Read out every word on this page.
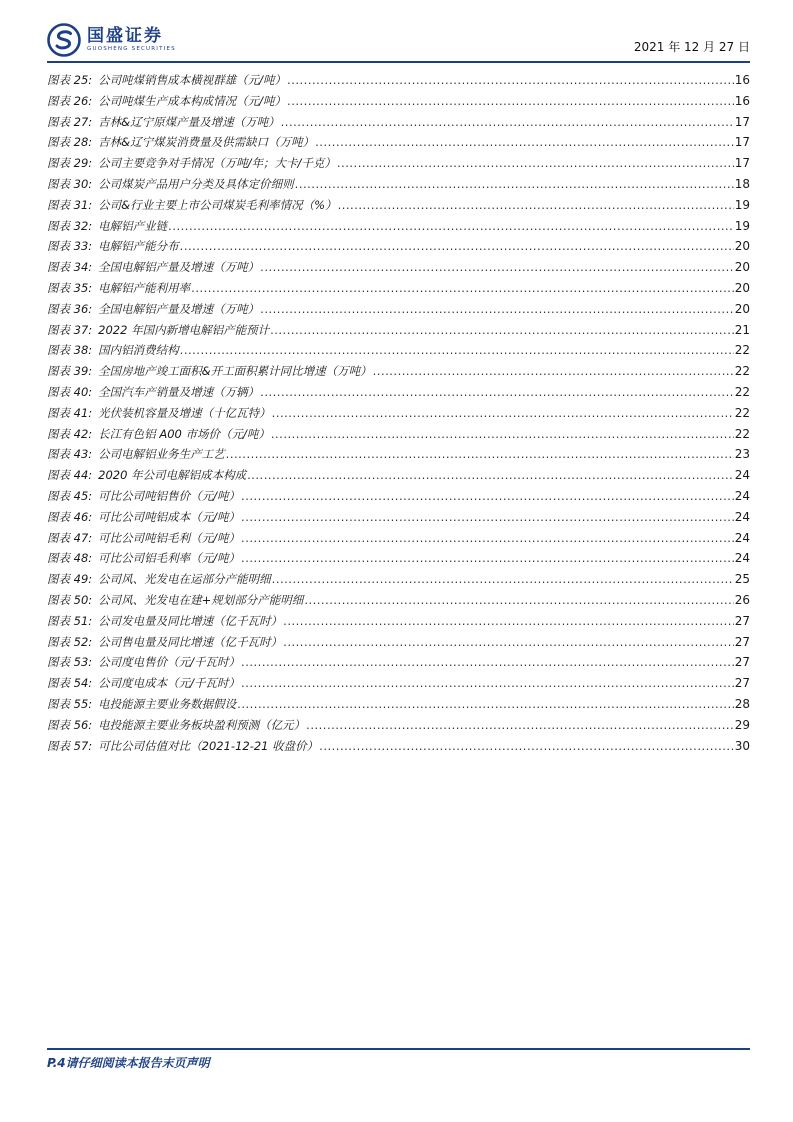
国盛证券
GUOSHENG SECURITIES	2021 年 12 月 27 日
图表 25: 公司吨煤销售成本横视群雄（元/吨） .....	16
图表 26: 公司吨煤生产成本构成情况（元/吨） .....	16
图表 27: 吉林&辽宁原煤产量及增速（万吨） .....	17
图表 28: 吉林&辽宁煤炭消费量及供需缺口（万吨） .....	17
图表 29: 公司主要竞争对手情况（万吨/年；大卡/千克） .....	17
图表 30: 公司煤炭产品用户分类及具体定价细则 .....	18
图表 31: 公司&行业主要上市公司煤炭毛利率情况（%） .....	19
图表 32: 电解铝产业链 .....	19
图表 33: 电解铝产能分布 .....	20
图表 34: 全国电解铝产量及增速（万吨） .....	20
图表 35: 电解铝产能利用率 .....	20
图表 36: 全国电解铝产量及增速（万吨） .....	20
图表 37: 2022 年国内新增电解铝产能预计 .....	21
图表 38: 国内铝消费结构 .....	22
图表 39: 全国房地产竣工面积&开工面积累计同比增速（万吨） .....	22
图表 40: 全国汽车产销量及增速（万辆） .....	22
图表 41: 光伏装机容量及增速（十亿瓦特） .....	22
图表 42: 长江有色铝 A00 市场价（元/吨） .....	22
图表 43: 公司电解铝业务生产工艺 .....	23
图表 44: 2020 年公司电解铝成本构成 .....	24
图表 45: 可比公司吨铝售价（元/吨） .....	24
图表 46: 可比公司吨铝成本（元/吨） .....	24
图表 47: 可比公司吨铝毛利（元/吨） .....	24
图表 48: 可比公司铝毛利率（元/吨） .....	24
图表 49: 公司风、光发电在运部分产能明细 .....	25
图表 50: 公司风、光发电在建+规划部分产能明细 .....	26
图表 51: 公司发电量及同比增速（亿千瓦时） .....	27
图表 52: 公司售电量及同比增速（亿千瓦时） .....	27
图表 53: 公司度电售价（元/千瓦时） .....	27
图表 54: 公司度电成本（元/千瓦时） .....	27
图表 55: 电投能源主要业务数据假设 .....	28
图表 56: 电投能源主要业务板块盈利预测（亿元） .....	29
图表 57: 可比公司估值对比（2021-12-21 收盘价） .....	30
P.4请仔细阅读本报告末页声明
